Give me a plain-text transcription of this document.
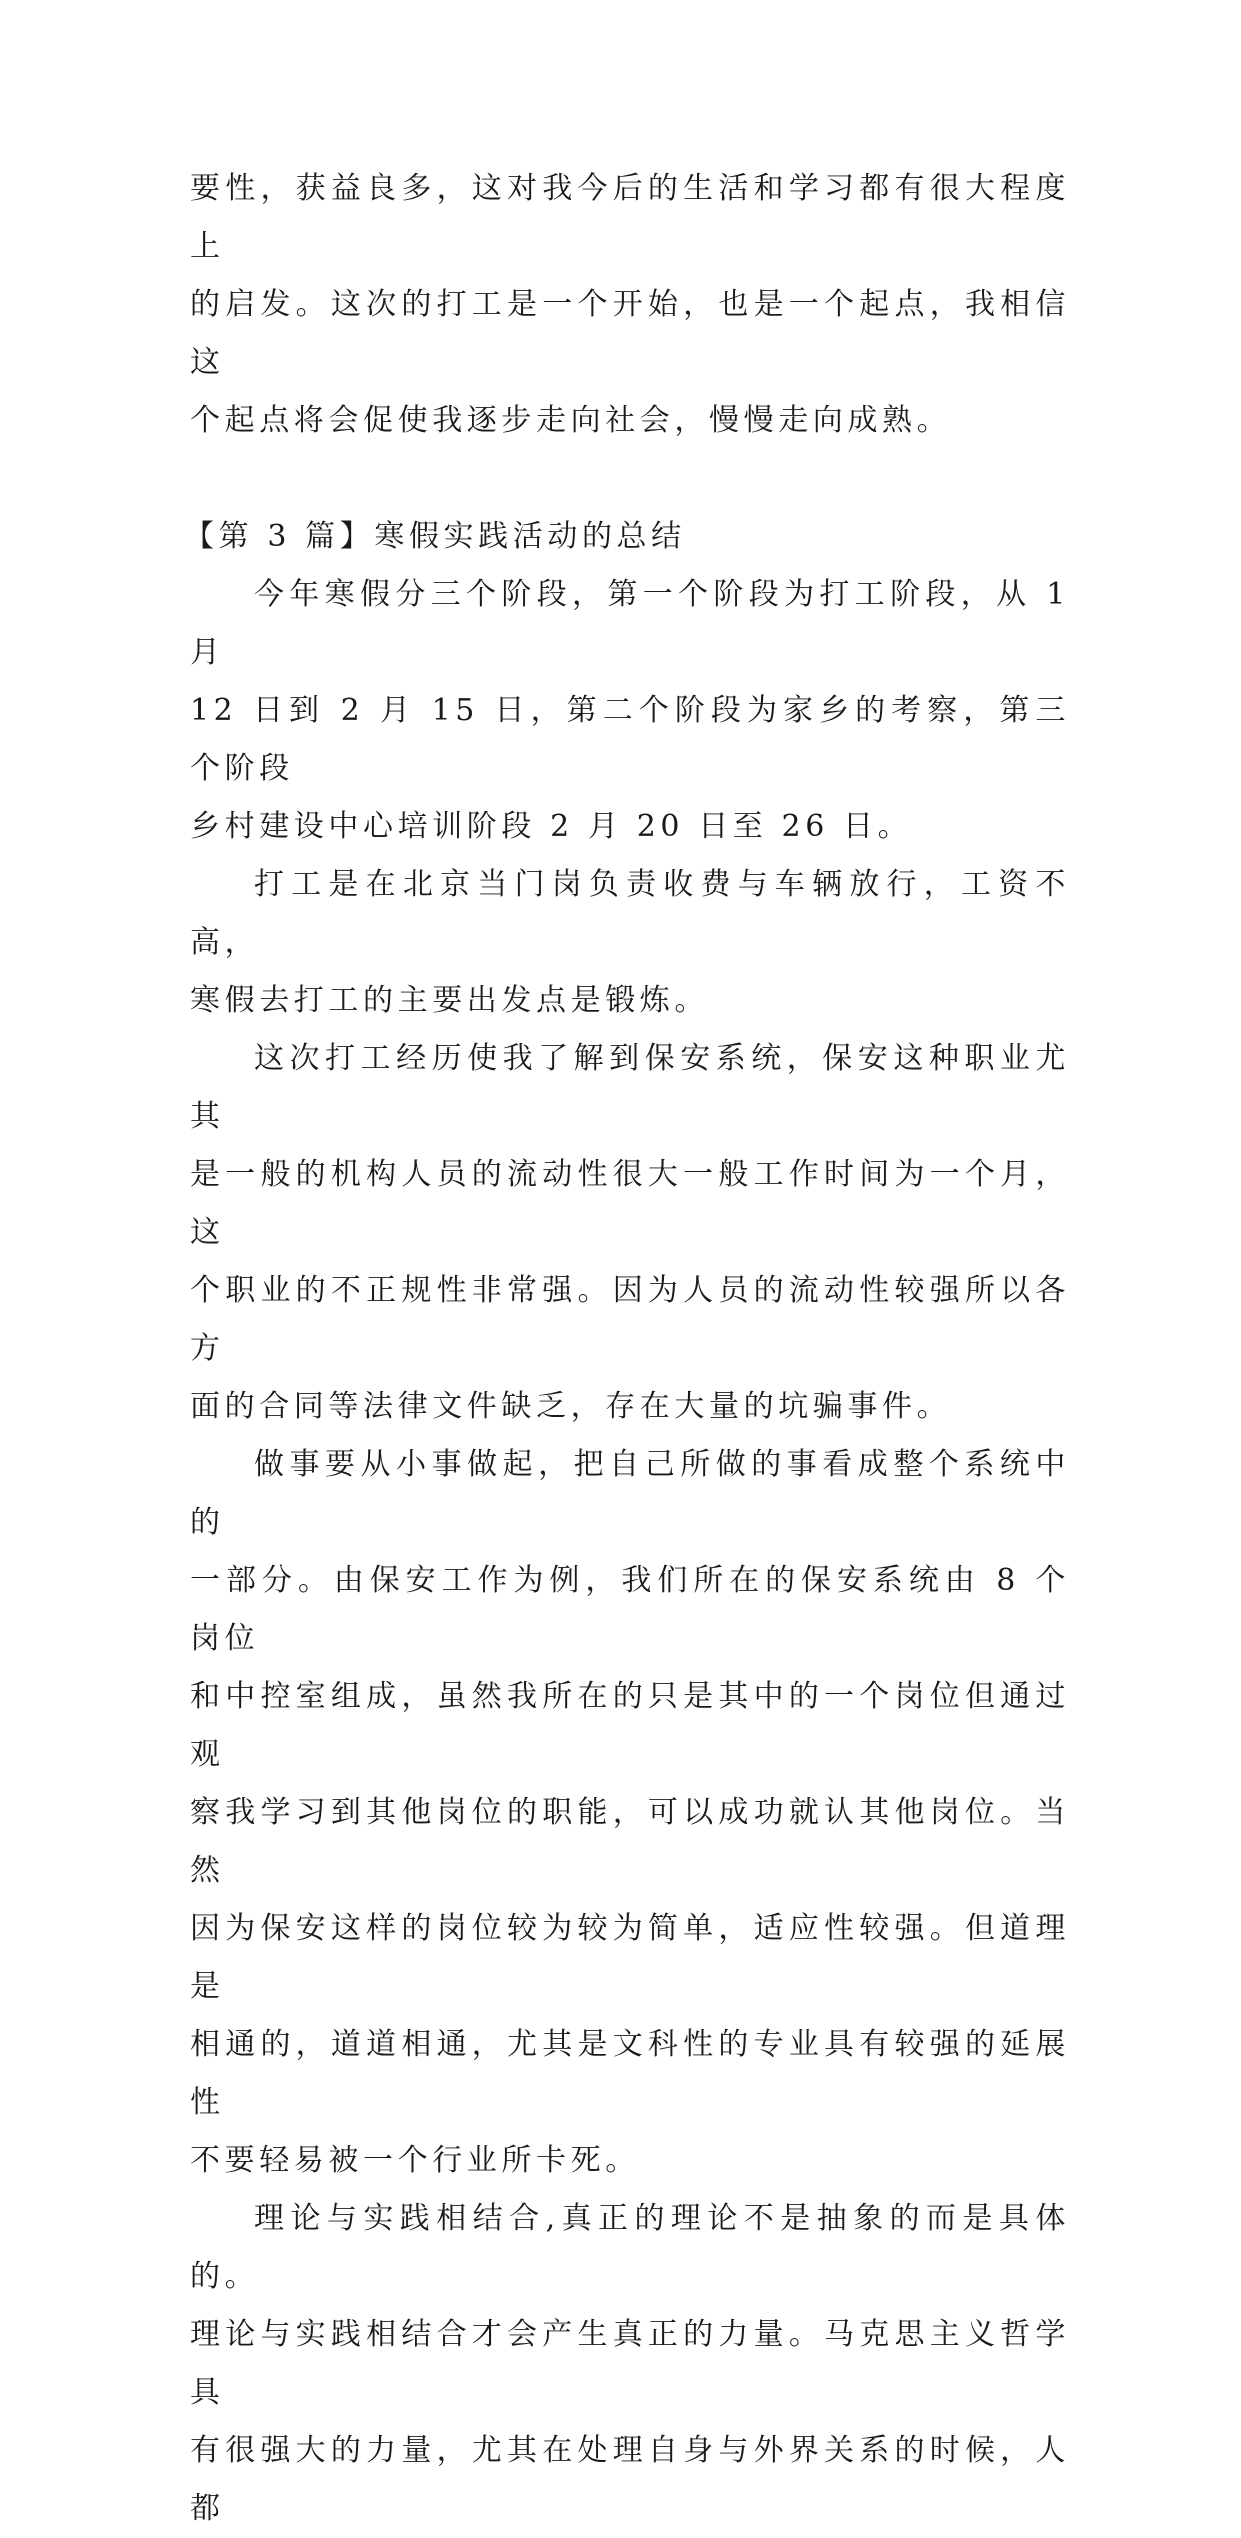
要性，获益良多，这对我今后的生活和学习都有很大程度上
的启发。这次的打工是一个开始，也是一个起点，我相信这
个起点将会促使我逐步走向社会，慢慢走向成熟。

【第 3 篇】寒假实践活动的总结

今年寒假分三个阶段，第一个阶段为打工阶段，从 1 月
12 日到 2 月 15 日，第二个阶段为家乡的考察，第三个阶段
乡村建设中心培训阶段 2 月 20 日至 26 日。

打工是在北京当门岗负责收费与车辆放行，工资不高，
寒假去打工的主要出发点是锻炼。

这次打工经历使我了解到保安系统，保安这种职业尤其
是一般的机构人员的流动性很大一般工作时间为一个月，这
个职业的不正规性非常强。因为人员的流动性较强所以各方
面的合同等法律文件缺乏，存在大量的坑骗事件。

做事要从小事做起，把自己所做的事看成整个系统中的
一部分。由保安工作为例，我们所在的保安系统由 8 个岗位
和中控室组成，虽然我所在的只是其中的一个岗位但通过观
察我学习到其他岗位的职能，可以成功就认其他岗位。当然
因为保安这样的岗位较为较为简单，适应性较强。但道理是
相通的，道道相通，尤其是文科性的专业具有较强的延展性
不要轻易被一个行业所卡死。

理论与实践相结合,真正的理论不是抽象的而是具体的。
理论与实践相结合才会产生真正的力量。马克思主义哲学具
有很强大的力量，尤其在处理自身与外界关系的时候，人都
